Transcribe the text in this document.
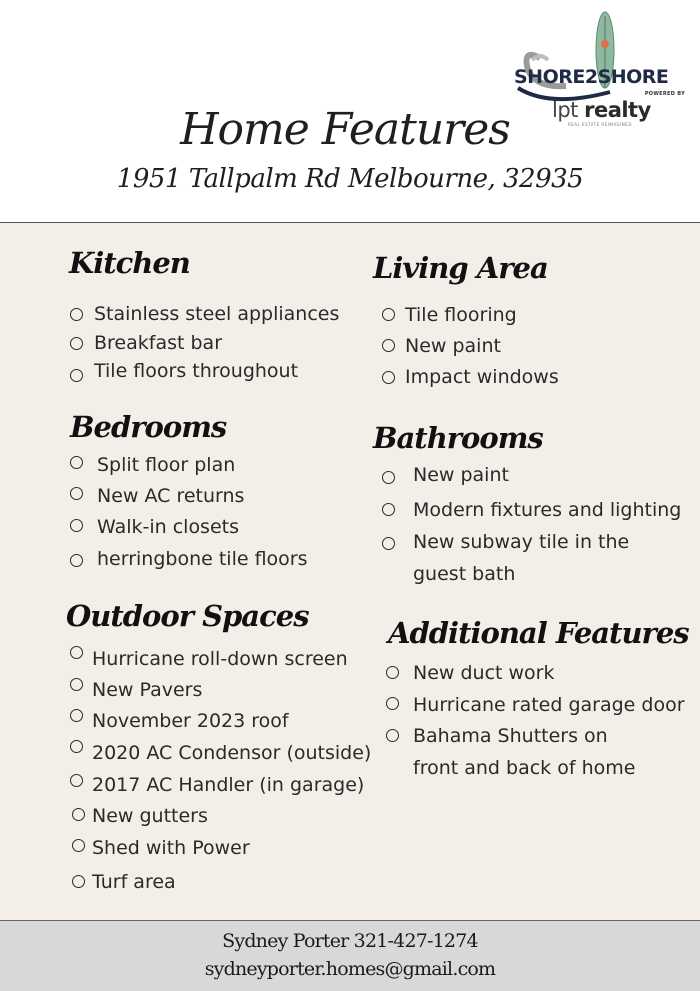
SHORE2SHORE
POWERED BY
lpt realty
REAL ESTATE REIMAGINED
Home Features
1951 Tallpalm Rd Melbourne, 32935
Kitchen
Stainless steel appliances
Breakfast bar
Tile floors throughout
Living Area
Tile flooring
New paint
Impact windows
Bedrooms
Split floor plan
New AC returns
Walk-in closets
herringbone tile floors
Bathrooms
New paint
Modern fixtures and lighting
New subway tile in the
guest bath
Outdoor Spaces
Hurricane roll-down screen
New Pavers
November 2023 roof
2020 AC Condensor (outside)
2017 AC Handler (in garage)
New gutters
Shed with Power
Turf area
Additional Features
New duct work
Hurricane rated garage door
Bahama Shutters on
front and back of home
Sydney Porter 321-427-1274
sydneyporter.homes@gmail.com
